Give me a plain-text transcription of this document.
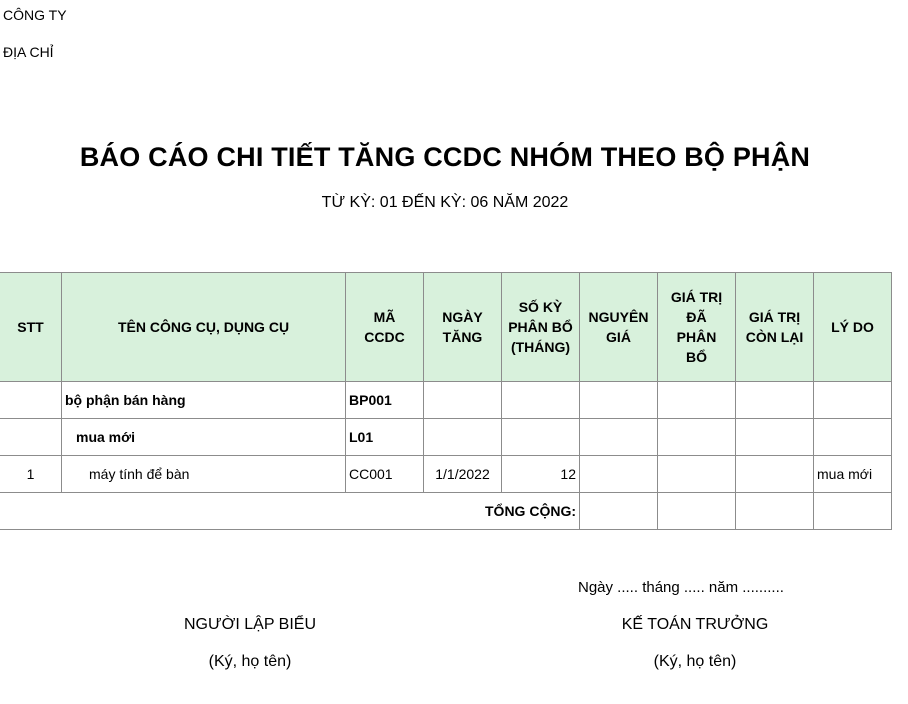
CÔNG TY
ĐỊA CHỈ
BÁO CÁO CHI TIẾT TĂNG CCDC NHÓM THEO BỘ PHẬN
TỪ KỲ: 01 ĐẾN KỲ: 06 NĂM 2022
STT	TÊN CÔNG CỤ, DỤNG CỤ	MÃ CCDC	NGÀY TĂNG	SỐ KỲ PHÂN BỔ (THÁNG)	NGUYÊN GIÁ	GIÁ TRỊ ĐÃ PHÂN BỔ	GIÁ TRỊ CÒN LẠI	LÝ DO
	bộ phận bán hàng	BP001						
	mua mới	L01						
1	máy tính để bàn	CC001	1/1/2022	12				mua mới
TỔNG CỘNG:								
Ngày ..... tháng ..... năm ..........
NGƯỜI LẬP BIỂU	KẾ TOÁN TRƯỞNG
(Ký, họ tên)	(Ký, họ tên)
